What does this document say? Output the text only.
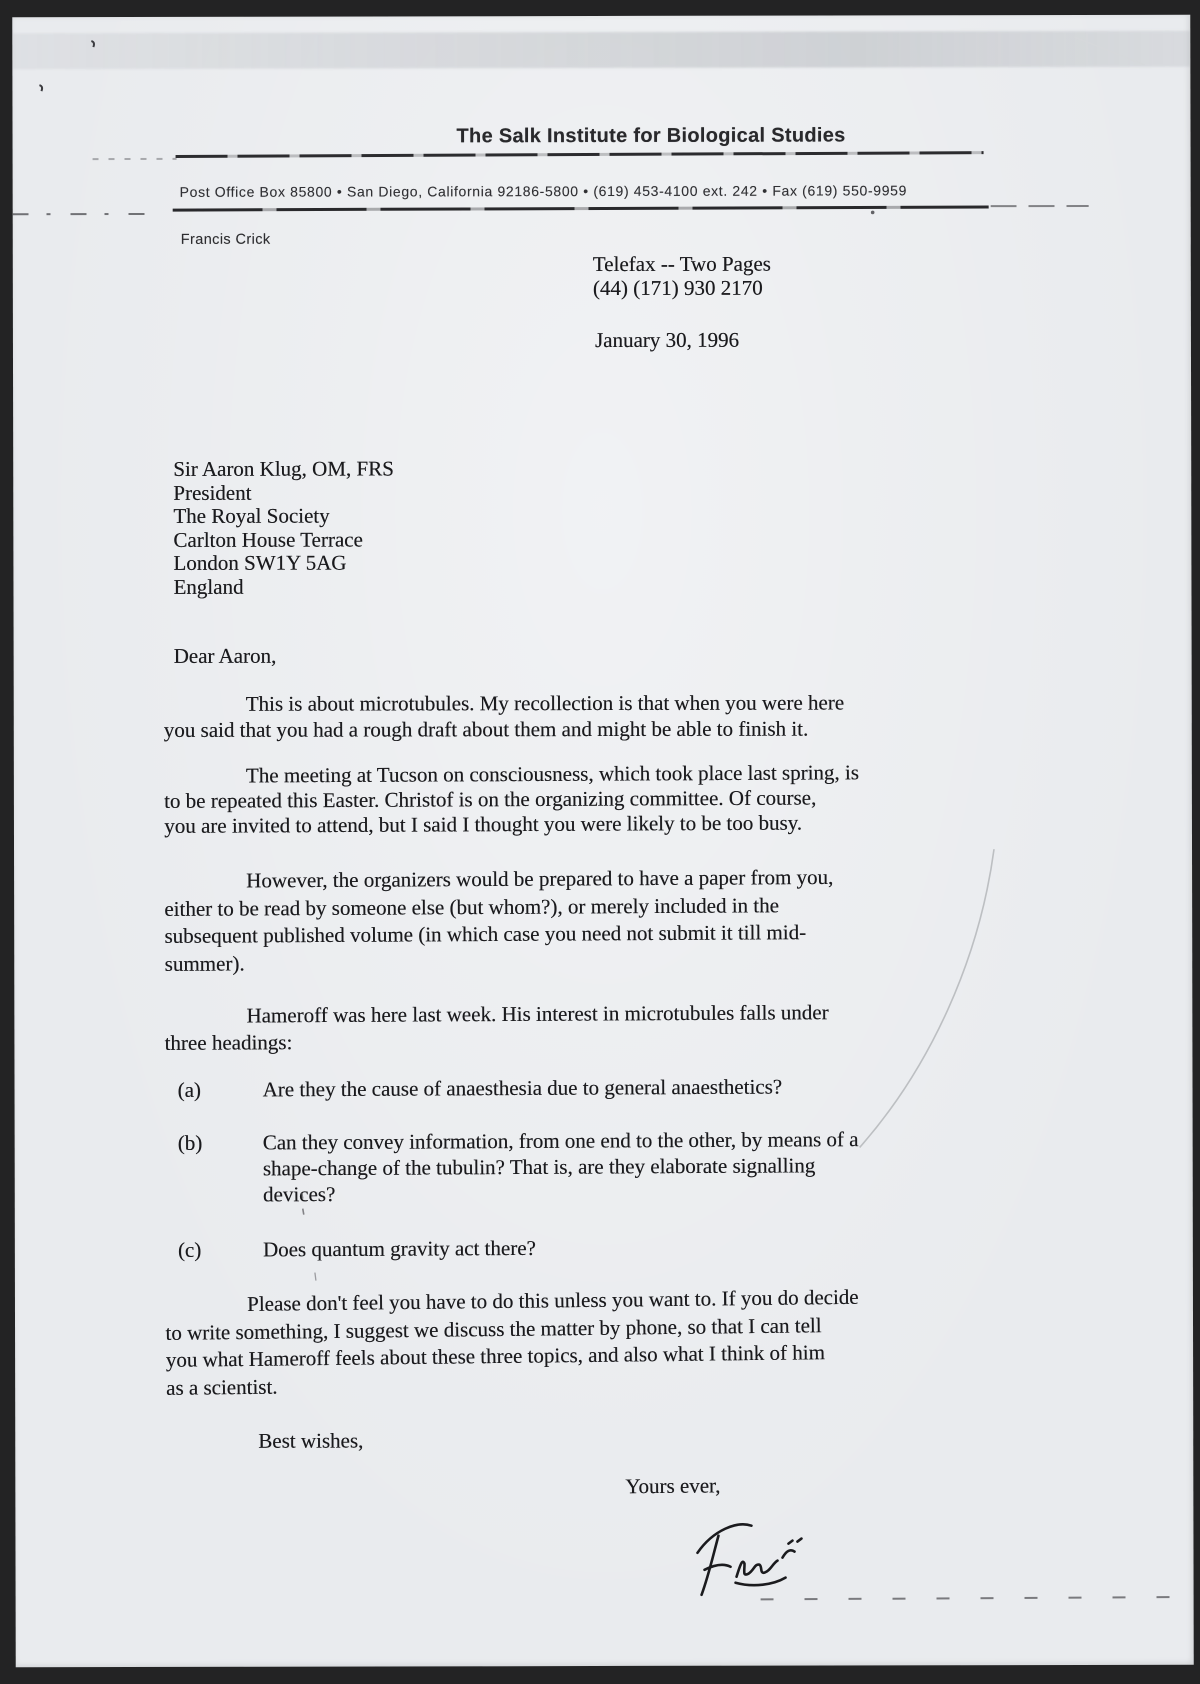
The Salk Institute for Biological Studies
Post Office Box 85800 • San Diego, California 92186-5800 • (619) 453-4100 ext. 242 • Fax (619) 550-9959
Francis Crick
Telefax -- Two Pages
(44) (171) 930 2170
January 30, 1996
Sir Aaron Klug, OM, FRS
President
The Royal Society
Carlton House Terrace
London SW1Y 5AG
England
Dear Aaron,

This is about microtubules. My recollection is that when you were here
you said that you had a rough draft about them and might be able to finish it.

The meeting at Tucson on consciousness, which took place last spring, is
to be repeated this Easter. Christof is on the organizing committee. Of course,
you are invited to attend, but I said I thought you were likely to be too busy.

However, the organizers would be prepared to have a paper from you,
either to be read by someone else (but whom?), or merely included in the
subsequent published volume (in which case you need not submit it till mid-
summer).

Hameroff was here last week. His interest in microtubules falls under
three headings:

(a)	Are they the cause of anaesthesia due to general anaesthetics?
(b)	Can they convey information, from one end to the other, by means of a
shape-change of the tubulin? That is, are they elaborate signalling
devices?
(c)	Does quantum gravity act there?

Please don't feel you have to do this unless you want to. If you do decide
to write something, I suggest we discuss the matter by phone, so that I can tell
you what Hameroff feels about these three topics, and also what I think of him
as a scientist.

Best wishes,
Yours ever,
